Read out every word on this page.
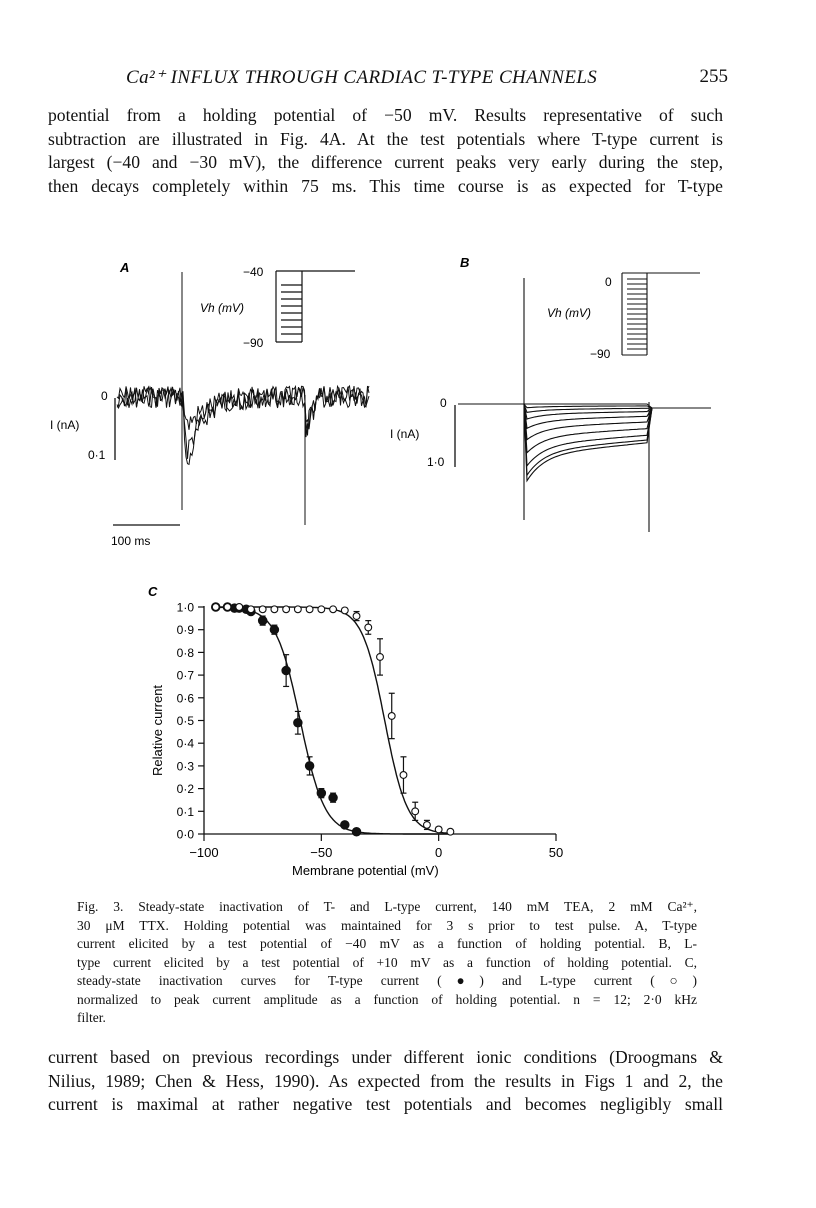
Ca²⁺ INFLUX THROUGH CARDIAC T-TYPE CHANNELS	255
potential from a holding potential of −50 mV. Results representative of such
subtraction are illustrated in Fig. 4A. At the test potentials where T-type current is
largest (−40 and −30 mV), the difference current peaks very early during the step,
then decays completely within 75 ms. This time course is as expected for T-type
A	−40
−90
Vh (mV)
0
I (nA)
0·1
100 ms
B
0
−90
Vh (mV)
0
I (nA)
1·0
C
0·0
0·1
0·2
0·3
0·4
0·5
0·6
0·7
0·8
0·9
1·0
−100	−50	0	50
Membrane potential (mV)
Relative current
Fig. 3. Steady-state inactivation of T- and L-type current, 140 mM TEA, 2 mM Ca²⁺,
30 μM TTX. Holding potential was maintained for 3 s prior to test pulse. A, T-type
current elicited by a test potential of −40 mV as a function of holding potential. B, L-
type current elicited by a test potential of +10 mV as a function of holding potential. C,
steady-state inactivation curves for T-type current (●) and L-type current (○)
normalized to peak current amplitude as a function of holding potential. n = 12; 2·0 kHz
filter.
current based on previous recordings under different ionic conditions (Droogmans &
Nilius, 1989; Chen & Hess, 1990). As expected from the results in Figs 1 and 2, the
current is maximal at rather negative test potentials and becomes negligibly small
